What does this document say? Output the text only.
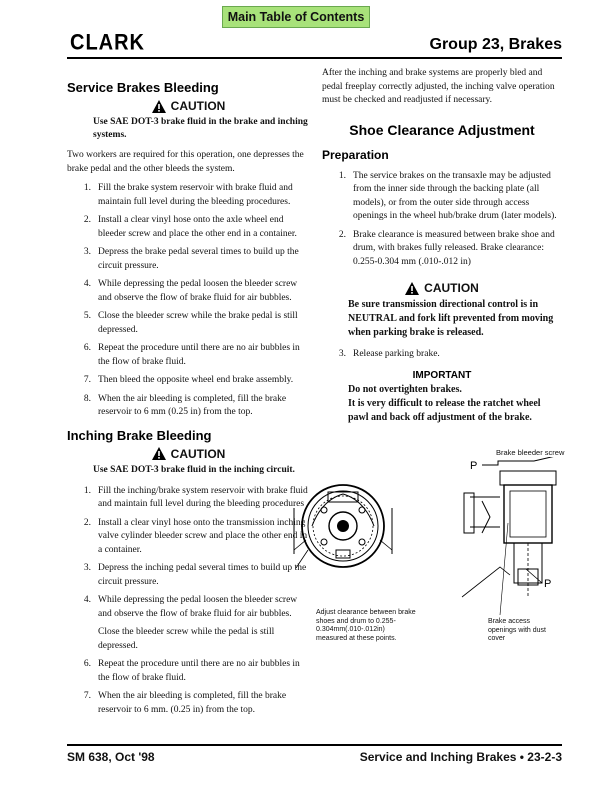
Main Table of Contents
CLARK	Group 23, Brakes
Service Brakes Bleeding
CAUTION
Use SAE DOT-3 brake fluid in the brake and inching systems.
Two workers are required for this operation, one depresses the brake pedal and the other bleeds the system.
1. Fill the brake system reservoir with brake fluid and maintain full level during the bleeding procedures.
2. Install a clear vinyl hose onto the axle wheel end bleeder screw and place the other end in a container.
3. Depress the brake pedal several times to build up the circuit pressure.
4. While depressing the pedal loosen the bleeder screw and observe the flow of brake fluid for air bubbles.
5. Close the bleeder screw while the brake pedal is still depressed.
6. Repeat the procedure until there are no air bubbles in the flow of brake fluid.
7. Then bleed the opposite wheel end brake assembly.
8. When the air bleeding is completed, fill the brake reservoir to 6 mm (0.25 in) from the top.
Inching Brake Bleeding
CAUTION
Use SAE DOT-3 brake fluid in the inching circuit.
1. Fill the inching/brake system reservoir with brake fluid and maintain full level during the bleeding procedures
2. Install a clear vinyl hose onto the transmission inching valve cylinder bleeder screw and place the other end in a container.
3. Depress the inching pedal several times to build up the circuit pressure.
4. While depressing the pedal loosen the bleeder screw and observe the flow of brake fluid for air bubbles.
Close the bleeder screw while the pedal is still depressed.
6. Repeat the procedure until there are no air bubbles in the flow of brake fluid.
7. When the air bleeding is completed, fill the brake reservoir to 6 mm. (0.25 in) from the top.
After the inching and brake systems are properly bled and pedal freeplay correctly adjusted, the inching valve operation must be checked and readjusted if necessary.
Shoe Clearance Adjustment
Preparation
1. The service brakes on the transaxle may be adjusted from the inner side through the backing plate (all models), or from the outer side through access openings in the wheel hub/brake drum (later models).
2. Brake clearance is measured between brake shoe and drum, with brakes fully released. Brake clearance: 0.255-0.304 mm (.010-.012 in)
CAUTION
Be sure transmission directional control is in NEUTRAL and fork lift prevented from moving when parking brake is released.
3. Release parking brake.
IMPORTANT
Do not overtighten brakes.
It is very difficult to release the ratchet wheel pawl and back off adjustment of the brake.
Adjust clearance between brake shoes and drum to 0.255-0.304mm(.010-.012in) measured at these points.
Brake bleeder screw
P
P
Brake access openings with dust cover
SM 638, Oct '98	Service and Inching Brakes • 23-2-3
